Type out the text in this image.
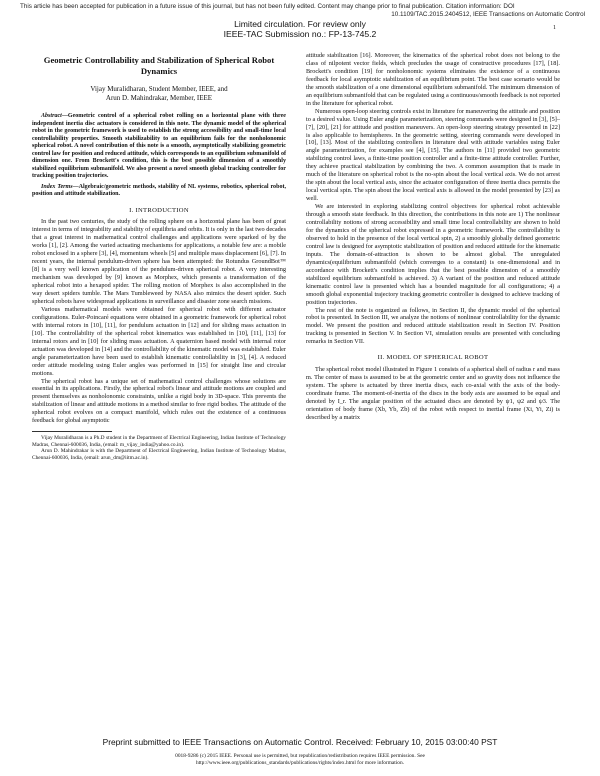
This article has been accepted for publication in a future issue of this journal, but has not been fully edited. Content may change prior to final publication. Citation information: DOI
10.1109/TAC.2015.2404512, IEEE Transactions on Automatic Control
Limited circulation. For review only
IEEE-TAC Submission no.: FP-13-745.2
1
Geometric Controllability and Stabilization of Spherical Robot Dynamics
Vijay Muralidharan, Student Member, IEEE, and
Arun D. Mahindrakar, Member, IEEE
Abstract—Geometric control of a spherical robot rolling on a horizontal plane with three independent inertia disc actuators is considered in this note. The dynamic model of the spherical robot in the geometric framework is used to establish the strong accessibility and small-time local controllability properties. Smooth stabilizability to an equilibrium fails for the nonholonomic spherical robot. A novel contribution of this note is a smooth, asymptotically stabilizing geometric control law for position and reduced attitude, which corresponds to an equilibrium submanifold of dimension one. From Brockett's condition, this is the best possible dimension of a smoothly stabilized equilibrium submanifold. We also present a novel smooth global tracking controller for tracking position trajectories.
Index Terms—Algebraic/geometric methods, stability of NL systems, robotics, spherical robot, position and attitude stabilization.
I. INTRODUCTION

In the past two centuries, the study of the rolling sphere on a horizontal plane has been of great interest in terms of integrability and stability of equilibria and orbits. It is only in the last two decades that a great interest in mathematical control challenges and applications were sparked of by the works [1], [2]. Among the varied actuating mechanisms for applications, a notable few are: a mobile robot enclosed in a sphere [3], [4], momentum wheels [5] and multiple mass displacement [6], [7]. In recent years, the internal pendulum-driven sphere has been attempted: the Rotundus GroundBot™ [8] is a very well known application of the pendulum-driven spherical robot. A very interesting mechanism was developed by [9] known as Morphex, which presents a transformation of the spherical robot into a hexapod spider. The rolling motion of Morphex is also accomplished in the way desert spiders tumble. The Mars Tumbleweed by NASA also mimics the desert spider. Such spherical robots have widespread applications in surveillance and disaster zone search missions.

Various mathematical models were obtained for spherical robot with different actuator configurations. Euler-Poincaré equations were obtained in a geometric framework for spherical robot with internal rotors in [10], [11], for pendulum actuation in [12] and for sliding mass actuation in [10]. The controllability of the spherical robot kinematics was established in [10], [11], [13] for internal rotors and in [10] for sliding mass actuation. A quaternion based model with internal rotor actuation was developed in [14] and the controllability of the kinematic model was established. Euler angle parameterization have been used to establish kinematic controllability in [3], [4]. A reduced order attitude modeling using Euler angles was performed in [15] for straight line and circular motions.

The spherical robot has a unique set of mathematical control challenges whose solutions are essential in its applications. Firstly, the spherical robot's linear and attitude motions are coupled and present themselves as nonholonomic constraints, unlike a rigid body in 3D-space. This prevents the stabilization of linear and attitude motions in a method similar to free rigid bodies. The attitude of the spherical robot evolves on a compact manifold, which rules out the existence of a continuous feedback for global asymptotic

Vijay Muralidharan is a Ph.D student in the Department of Electrical Engineering, Indian Institute of Technology Madras, Chennai-600036, India, (email: m_vijay_india@yahoo.co.in).
Arun D. Mahindrakar is with the Department of Electrical Engineering, Indian Institute of Technology Madras, Chennai-600036, India, (email: arun_dm@iitm.ac.in).

attitude stabilization [16]. Moreover, the kinematics of the spherical robot does not belong to the class of nilpotent vector fields, which precludes the usage of constructive procedures [17], [18]. Brockett's condition [19] for nonholonomic systems eliminates the existence of a continuous feedback for local asymptotic stabilization of an equilibrium point. The best case scenario would be the smooth stabilization of a one dimensional equilibrium submanifold. The minimum dimension of an equilibrium submanifold that can be regulated using a continuous/smooth feedback is not reported in the literature for spherical robot.

Numerous open-loop steering controls exist in literature for maneuvering the attitude and position to a desired value. Using Euler angle parameterization, steering commands were designed in [3], [5]–[7], [20], [21] for attitude and position maneuvers. An open-loop steering strategy presented in [22] is also applicable to hemispheres. In the geometric setting, steering commands were developed in [10], [13]. Most of the stabilizing controllers in literature deal with attitude variables using Euler angle parameterization, for examples see [4], [15]. The authors in [11] provided two geometric stabilizing control laws, a finite-time position controller and a finite-time attitude controller. Further, they achieve practical stabilization by combining the two. A common assumption that is made in much of the literature on spherical robot is the no-spin about the local vertical axis. We do not arrest the spin about the local vertical axis, since the actuator configuration of three inertia discs permits the local vertical spin. The spin about the local vertical axis is allowed in the model presented by [23] as well.

We are interested in exploring stabilizing control objectives for spherical robot achievable through a smooth state feedback. In this direction, the contributions in this note are 1) The nonlinear controllability notions of strong accessibility and small time local controllability are shown to hold for the dynamics of the spherical robot expressed in a geometric framework. The controllability is observed to hold in the presence of the local vertical spin, 2) a smoothly globally defined geometric control law is designed for asymptotic stabilization of position and reduced attitude for the kinematic inputs. The domain-of-attraction is shown to be almost global. The unregulated dynamics(equilibrium submanifold (which converges to a constant) is one-dimensional and in accordance with Brockett's condition implies that the best possible dimension of a smoothly stabilized equilibrium submanifold is achieved. 3) A variant of the position and reduced attitude kinematic control law is presented which has a bounded magnitude for all configurations; 4) a smooth global exponential trajectory tracking geometric controller is designed to achieve tracking of position trajectories.

The rest of the note is organized as follows, in Section II, the dynamic model of the spherical robot is presented. In Section III, we analyze the notions of nonlinear controllability for the dynamic model. We present the position and reduced attitude stabilization result in Section IV. Position tracking is presented in Section V. In Section VI, simulation results are presented with concluding remarks in Section VII.

II. MODEL OF SPHERICAL ROBOT

The spherical robot model illustrated in Figure 1 consists of a spherical shell of radius r and mass m. The center of mass is assumed to be at the geometric center and so gravity does not influence the system. The sphere is actuated by three inertia discs, each co-axial with the axis of the body-coordinate frame. The moment-of-inertia of the discs in the body axis are assumed to be equal and denoted by I_r. The angular position of the actuated discs are denoted by ψ1, ψ2 and ψ3. The orientation of body frame (Xb, Yb, Zb) of the robot with respect to inertial frame (Xi, Yi, Zi) is described by a matrix

Preprint submitted to IEEE Transactions on Automatic Control. Received: February 10, 2015 03:00:40 PST
0018-9286 (c) 2015 IEEE. Personal use is permitted, but republication/redistribution requires IEEE permission. See
http://www.ieee.org/publications_standards/publications/rights/index.html for more information.
